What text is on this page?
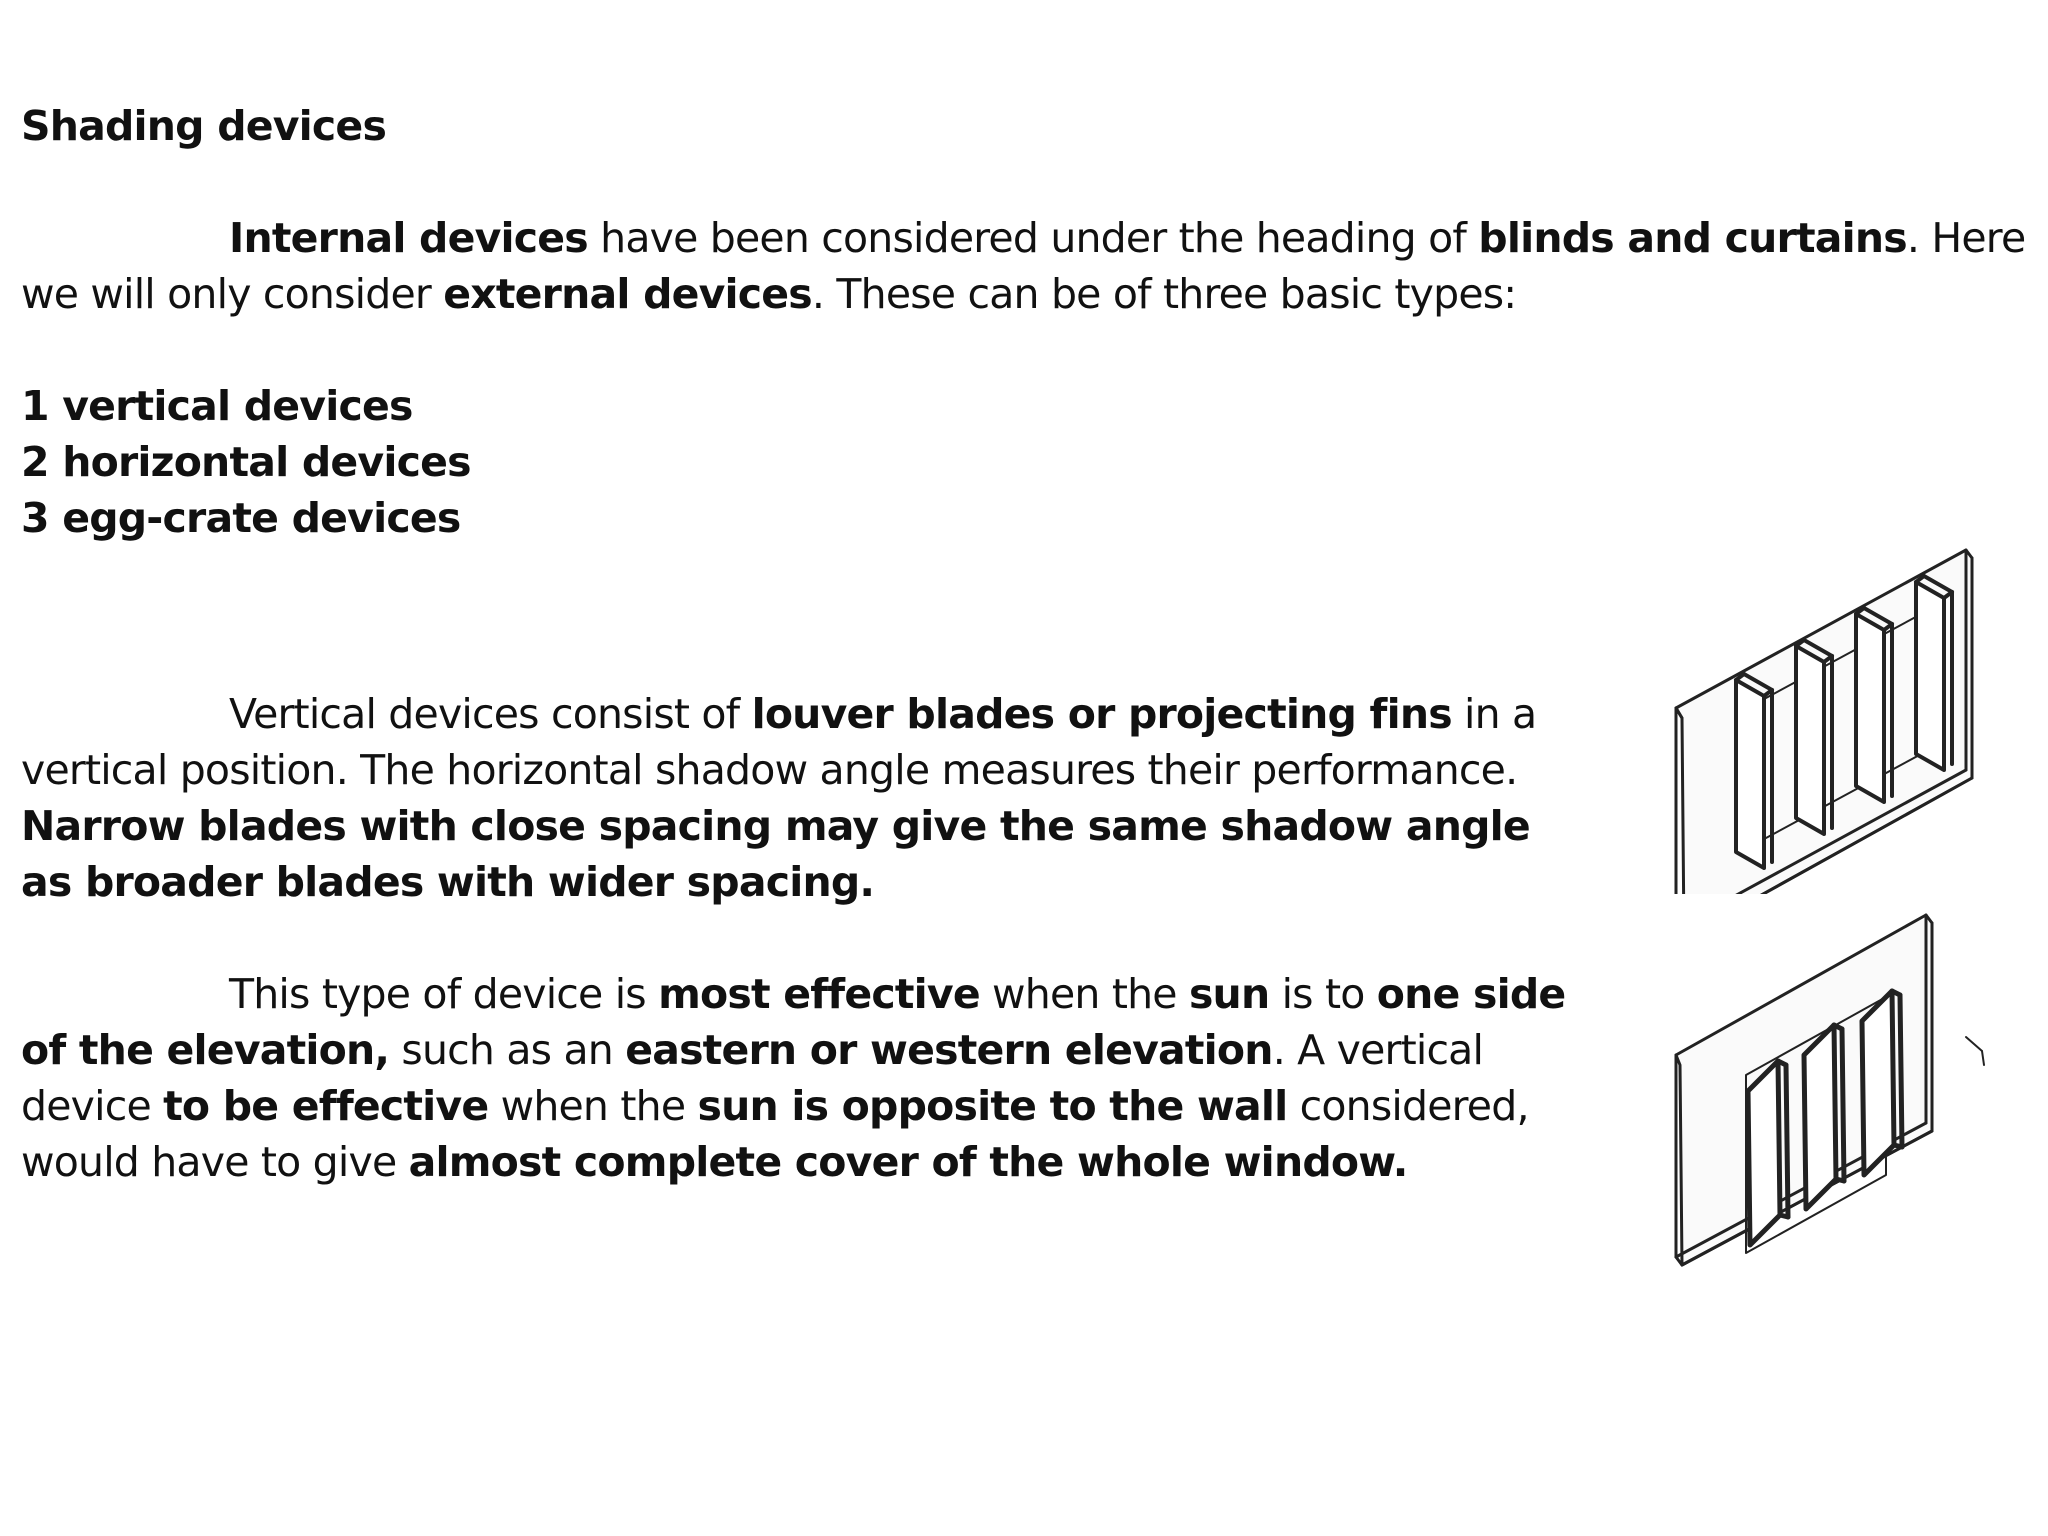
Shading devices
Internal devices have been considered under the heading of blinds and curtains. Here we will only consider external devices. These can be of three basic types:
1 vertical devices
2 horizontal devices
3 egg-crate devices
Vertical devices consist of louver blades or projecting fins in a vertical position. The horizontal shadow angle measures their performance. Narrow blades with close spacing may give the same shadow angle as broader blades with wider spacing.
This type of device is most effective when the sun is to one side of the elevation, such as an eastern or western elevation. A vertical device to be effective when the sun is opposite to the wall considered, would have to give almost complete cover of the whole window.
